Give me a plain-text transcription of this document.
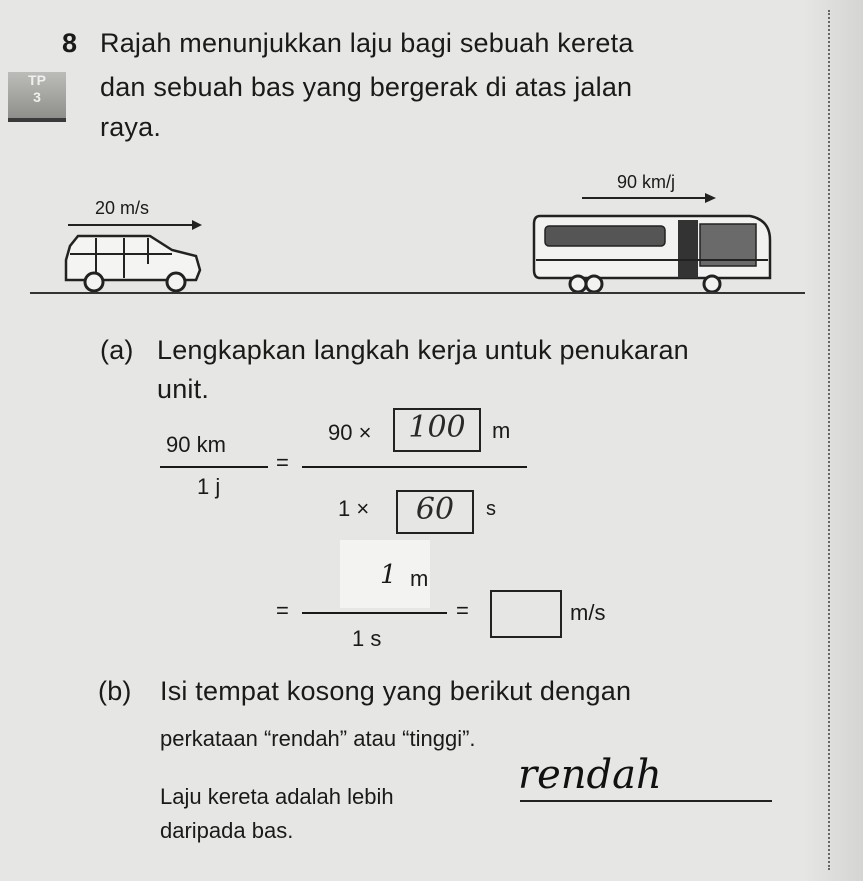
8 Rajah menunjukkan laju bagi sebuah kereta
TP
3	dan sebuah bas yang bergerak di atas jalan
raya.
20 m/s
90 km/j
(a) Lengkapkan langkah kerja untuk penukaran
unit.
90 km
1 j
=
90 ×	100	m
1 ×	60	s
=
1 m
1 s
=	m/s
(b) Isi tempat kosong yang berikut dengan
perkataan “rendah” atau “tinggi”.
Laju kereta adalah lebih	rendah
daripada bas.
